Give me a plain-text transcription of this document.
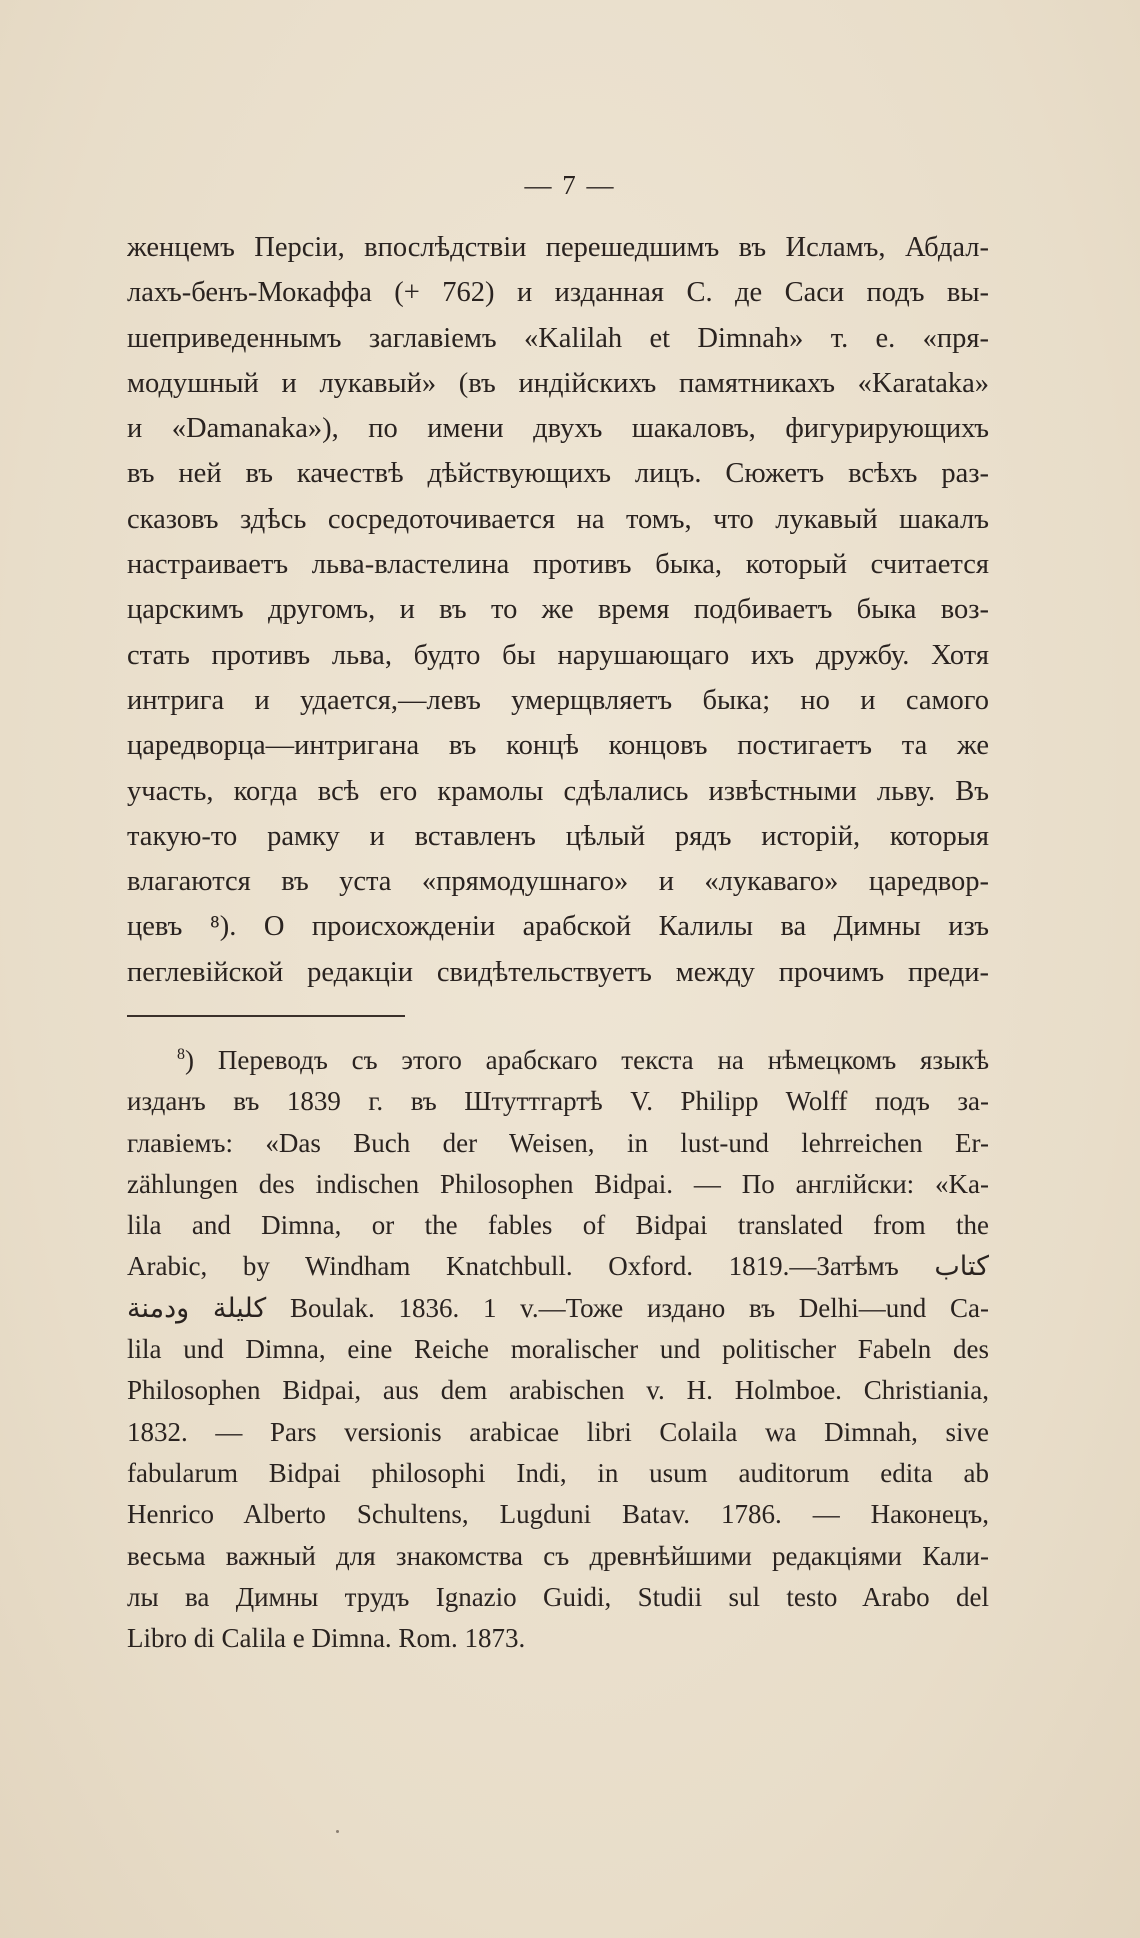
— 7 —
женцемъ Персіи, впослѣдствіи перешедшимъ въ Исламъ, Абдал-
лахъ-бенъ-Мокаффа (+ 762) и изданная С. де Саси подъ вы-
шеприведеннымъ заглавіемъ «Kalilah et Dimnah» т. е. «пря-
модушный и лукавый» (въ индійскихъ памятникахъ «Karataka»
и «Damanaka»), по имени двухъ шакаловъ, фигурирующихъ
въ ней въ качествѣ дѣйствующихъ лицъ. Сюжетъ всѣхъ раз-
сказовъ здѣсь сосредоточивается на томъ, что лукавый шакалъ
настраиваетъ льва-властелина противъ быка, который считается
царскимъ другомъ, и въ то же время подбиваетъ быка воз-
стать противъ льва, будто бы нарушающаго ихъ дружбу. Хотя
интрига и удается,—левъ умерщвляетъ быка; но и самого
царедворца—интригана въ концѣ концовъ постигаетъ та же
участь, когда всѣ его крамолы сдѣлались извѣстными льву. Въ
такую-то рамку и вставленъ цѣлый рядъ исторій, которыя
влагаются въ уста «прямодушнаго» и «лукаваго» царедвор-
цевъ ⁸). О происхожденіи арабской Калилы ва Димны изъ
пеглевійской редакціи свидѣтельствуетъ между прочимъ преди-
$^8$) Переводъ съ этого арабскаго текста на нѣмецкомъ языкѣ
изданъ въ 1839 г. въ Штуттгартѣ V. Philipp Wolff подъ за-
главіемъ: «Das Buch der Weisen, in lust-und lehrreichen Er-
zählungen des indischen Philosophen Bidpai. — По англійски: «Ka-
lila and Dimna, or the fables of Bidpai translated from the
Arabic, by Windham Knatchbull. Oxford. 1819.—Затѣмъ كتاب
كليلة ودمنة Boulak. 1836. 1 v.—Тоже издано въ Delhi—und Ca-
lila und Dimna, eine Reiche moralischer und politischer Fabeln des
Philosophen Bidpai, aus dem arabischen v. H. Holmboe. Christiania,
1832. — Pars versionis arabicae libri Colaila wa Dimnah, sive
fabularum Bidpai philosophi Indi, in usum auditorum edita ab
Henrico Alberto Schultens, Lugduni Batav. 1786. — Наконецъ,
весьма важный для знакомства съ древнѣйшими редакціями Кали-
лы ва Димны трудъ Ignazio Guidi, Studii sul testo Arabo del
Libro di Calila e Dimna. Rom. 1873.
